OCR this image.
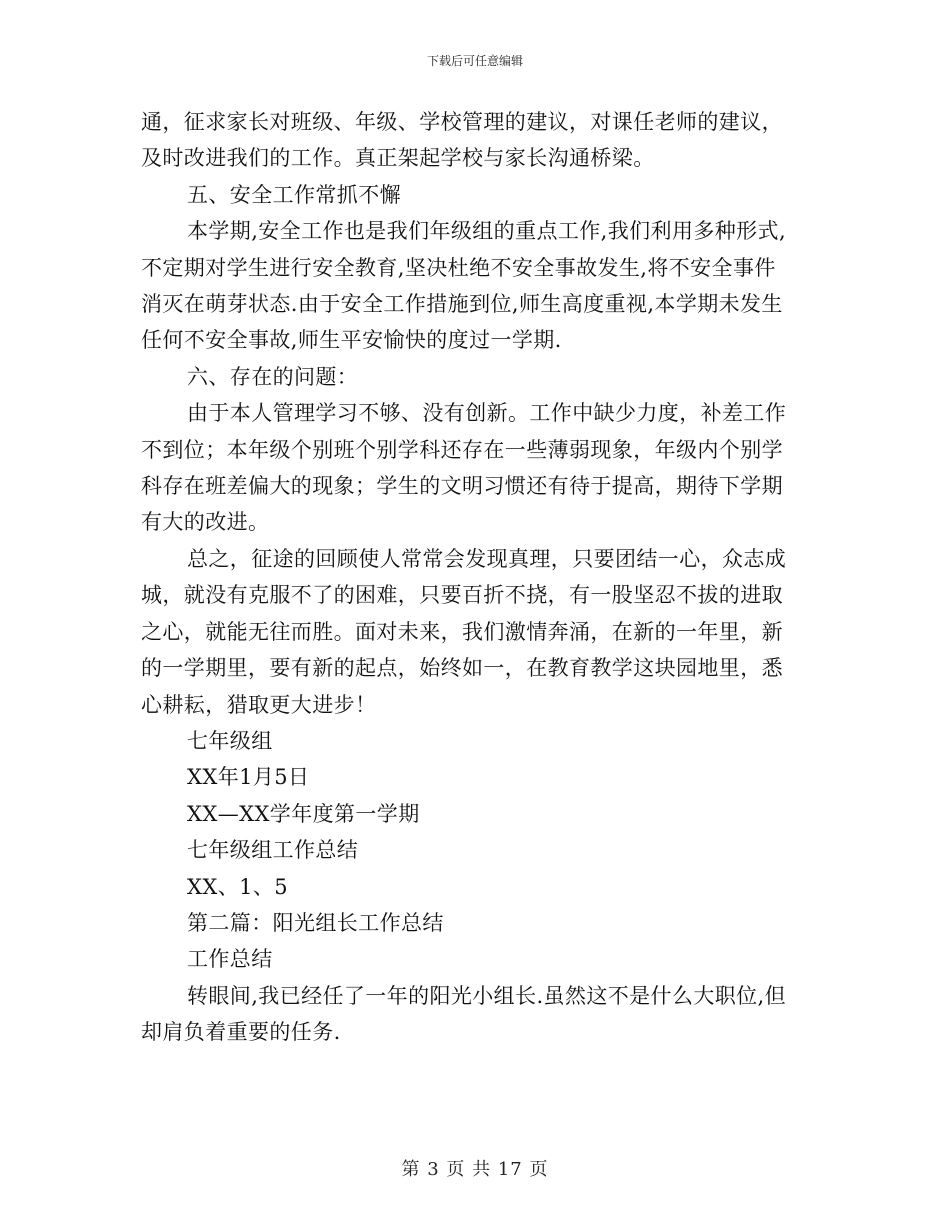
下载后可任意编辑
通，征求家长对班级、年级、学校管理的建议，对课任老师的建议，
及时改进我们的工作。真正架起学校与家长沟通桥梁。
五、安全工作常抓不懈
本学期,安全工作也是我们年级组的重点工作,我们利用多种形式,
不定期对学生进行安全教育,坚决杜绝不安全事故发生,将不安全事件
消灭在萌芽状态.由于安全工作措施到位,师生高度重视,本学期未发生
任何不安全事故,师生平安愉快的度过一学期.
六、存在的问题：
由于本人管理学习不够、没有创新。工作中缺少力度，补差工作
不到位；本年级个别班个别学科还存在一些薄弱现象，年级内个别学
科存在班差偏大的现象；学生的文明习惯还有待于提高，期待下学期
有大的改进。
总之，征途的回顾使人常常会发现真理，只要团结一心，众志成
城，就没有克服不了的困难，只要百折不挠，有一股坚忍不拔的进取
之心，就能无往而胜。面对未来，我们激情奔涌，在新的一年里，新
的一学期里，要有新的起点，始终如一，在教育教学这块园地里，悉
心耕耘，猎取更大进步！
七年级组
XX年1月5日
XX—XX学年度第一学期
七年级组工作总结
XX、1、5
第二篇：阳光组长工作总结
工作总结
转眼间,我已经任了一年的阳光小组长.虽然这不是什么大职位,但
却肩负着重要的任务.
第 3 页 共 17 页
